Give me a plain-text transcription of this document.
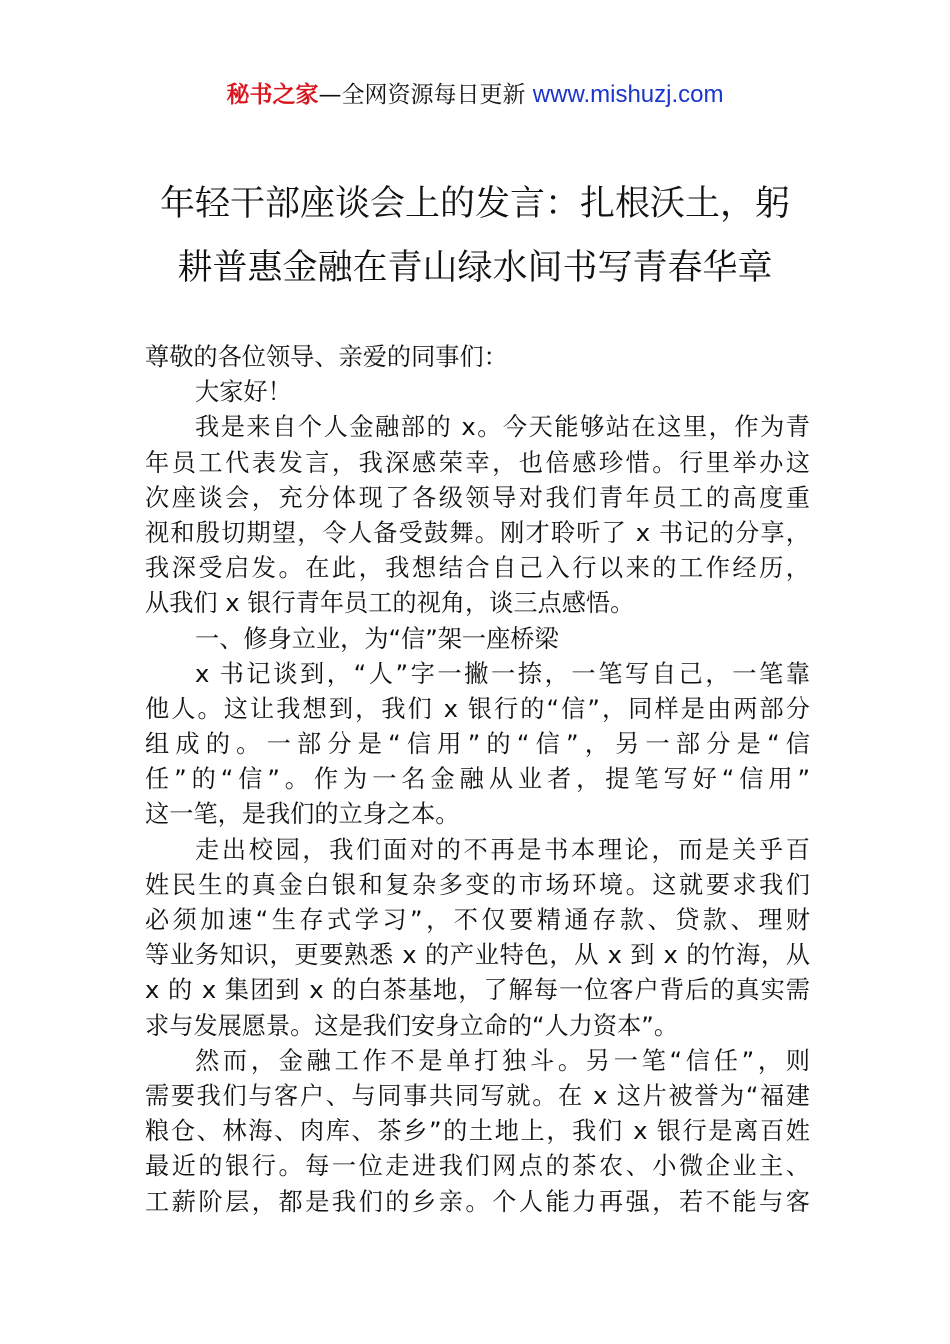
秘书之家—全网资源每日更新 www.mishuzj.com
年轻干部座谈会上的发言：扎根沃土，躬
耕普惠金融在青山绿水间书写青春华章
尊敬的各位领导、亲爱的同事们：
大家好！
我是来自个人金融部的 x。今天能够站在这里，作为青
年员工代表发言，我深感荣幸，也倍感珍惜。行里举办这
次座谈会，充分体现了各级领导对我们青年员工的高度重
视和殷切期望，令人备受鼓舞。刚才聆听了 x 书记的分享，
我深受启发。在此，我想结合自己入行以来的工作经历，
从我们 x 银行青年员工的视角，谈三点感悟。
一、修身立业，为“信”架一座桥梁
x 书记谈到，“人”字一撇一捺，一笔写自己，一笔靠
他人。这让我想到，我们 x 银行的“信”，同样是由两部分
组成的。一部分是“信用”的“信”，另一部分是“信
任”的“信”。作为一名金融从业者，提笔写好“信用”
这一笔，是我们的立身之本。
走出校园，我们面对的不再是书本理论，而是关乎百
姓民生的真金白银和复杂多变的市场环境。这就要求我们
必须加速“生存式学习”，不仅要精通存款、贷款、理财
等业务知识，更要熟悉 x 的产业特色，从 x 到 x 的竹海，从
x 的 x 集团到 x 的白茶基地，了解每一位客户背后的真实需
求与发展愿景。这是我们安身立命的“人力资本”。
然而，金融工作不是单打独斗。另一笔“信任”，则
需要我们与客户、与同事共同写就。在 x 这片被誉为“福建
粮仓、林海、肉库、茶乡”的土地上，我们 x 银行是离百姓
最近的银行。每一位走进我们网点的茶农、小微企业主、
工薪阶层，都是我们的乡亲。个人能力再强，若不能与客
